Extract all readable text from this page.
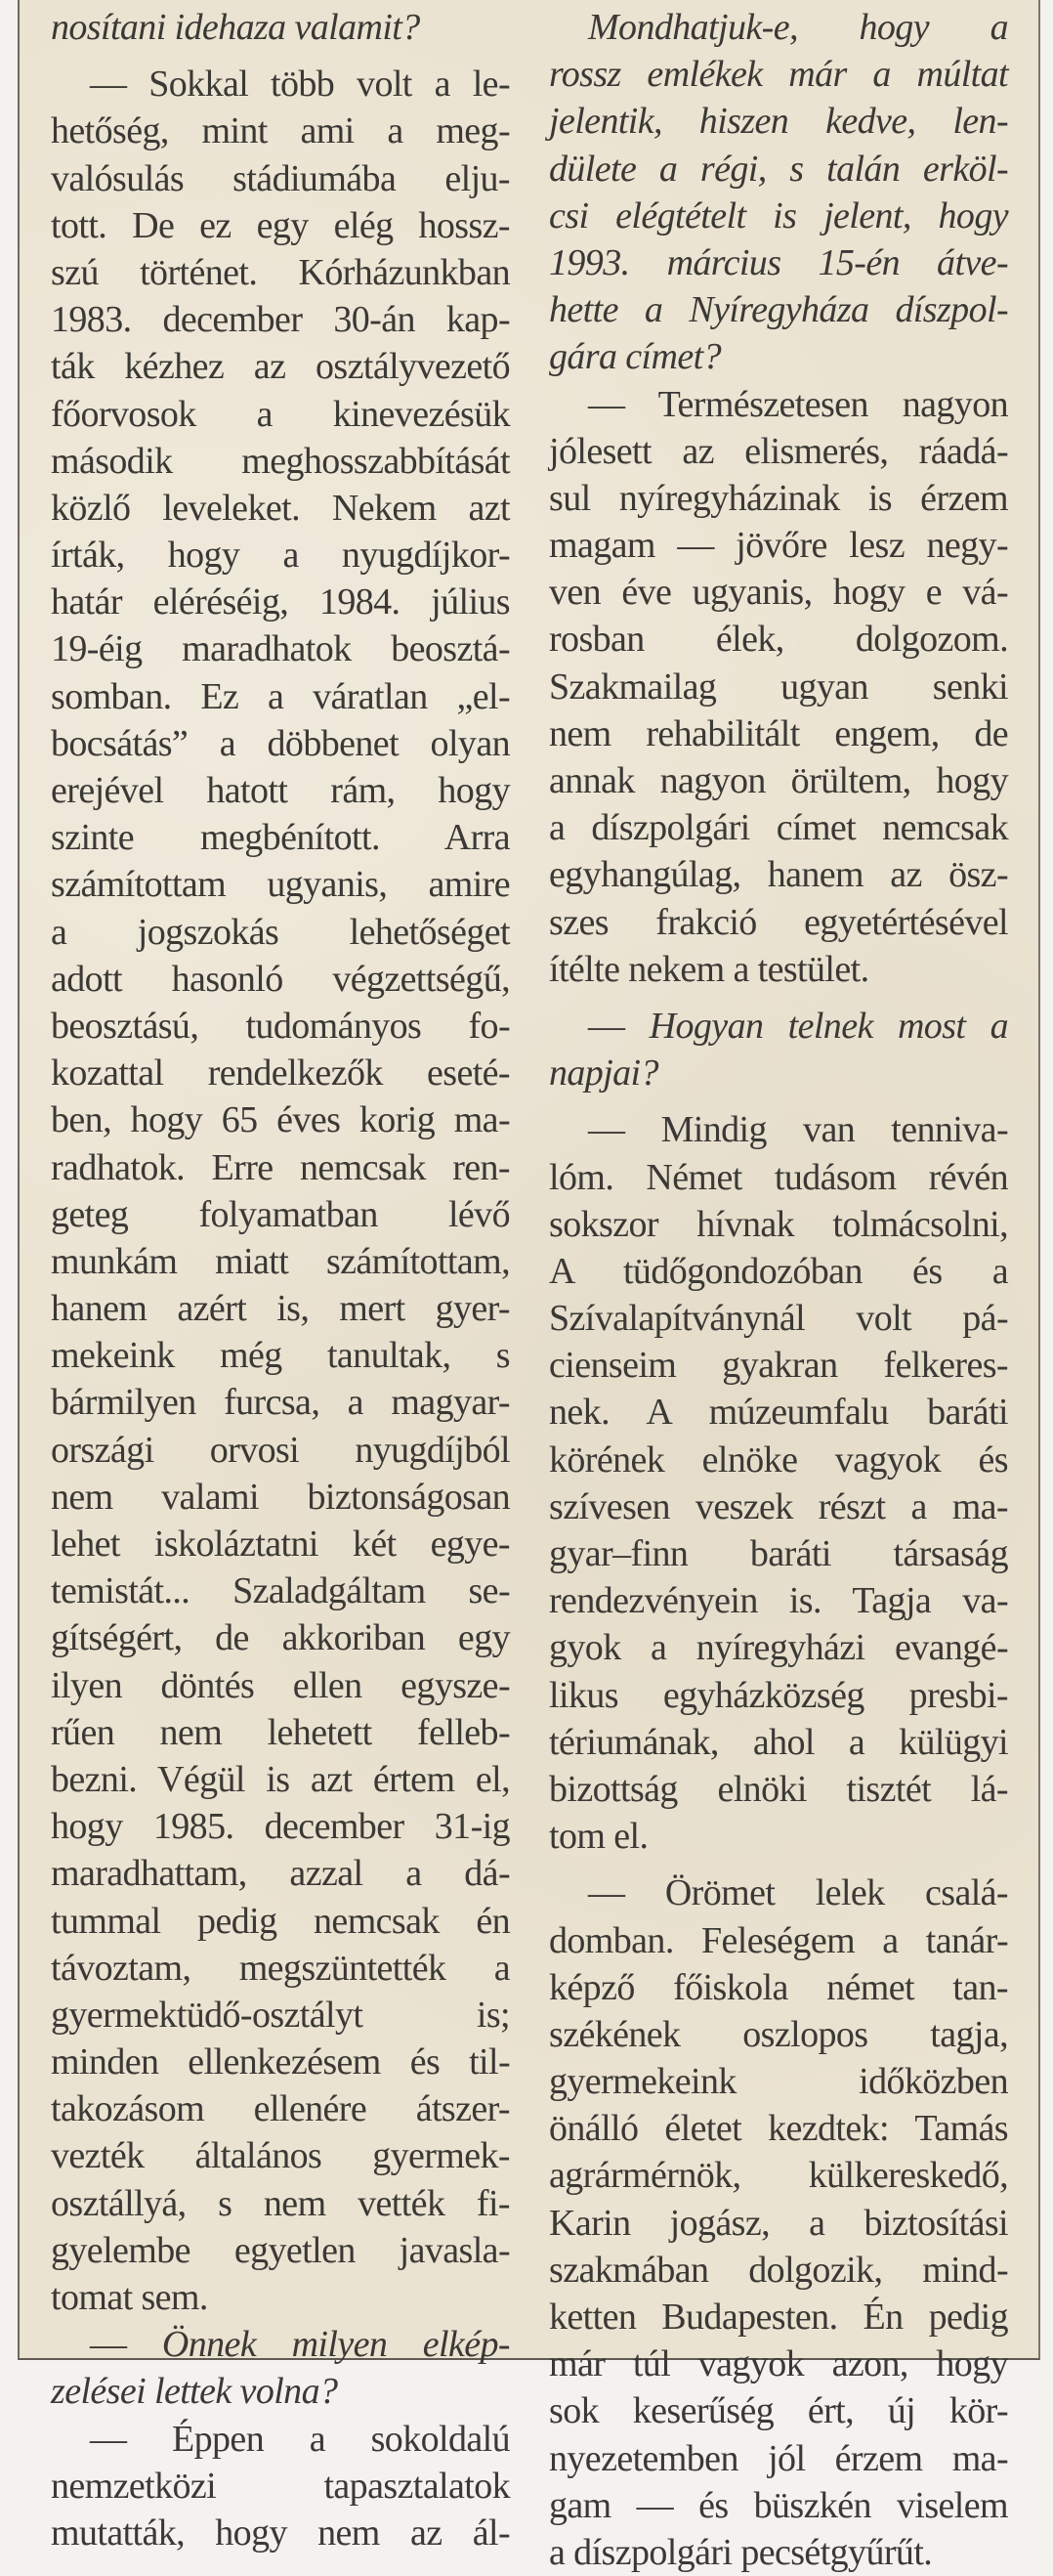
nosítani idehaza valamit?
— Sokkal több volt a le-
hetőség, mint ami a meg-
valósulás stádiumába elju-
tott. De ez egy elég hossz-
szú történet. Kórházunkban
1983. december 30-án kap-
ták kézhez az osztályvezető
főorvosok a kinevezésük
második meghosszabbítását
közlő leveleket. Nekem azt
írták, hogy a nyugdíjkor-
határ eléréséig, 1984. július
19-éig maradhatok beosztá-
somban. Ez a váratlan „el-
bocsátás” a döbbenet olyan
erejével hatott rám, hogy
szinte megbénított. Arra
számítottam ugyanis, amire
a jogszokás lehetőséget
adott hasonló végzettségű,
beosztású, tudományos fo-
kozattal rendelkezők eseté-
ben, hogy 65 éves korig ma-
radhatok. Erre nemcsak ren-
geteg folyamatban lévő
munkám miatt számítottam,
hanem azért is, mert gyer-
mekeink még tanultak, s
bármilyen furcsa, a magyar-
országi orvosi nyugdíjból
nem valami biztonságosan
lehet iskoláztatni két egye-
temistát... Szaladgáltam se-
gítségért, de akkoriban egy
ilyen döntés ellen egysze-
rűen nem lehetett felleb-
bezni. Végül is azt értem el,
hogy 1985. december 31-ig
maradhattam, azzal a dá-
tummal pedig nemcsak én
távoztam, megszüntették a
gyermektüdő-osztályt is;
minden ellenkezésem és til-
takozásom ellenére átszer-
vezték általános gyermek-
osztállyá, s nem vették fi-
gyelembe egyetlen javasla-
tomat sem.
— Önnek milyen elkép-
zelései lettek volna?
— Éppen a sokoldalú
nemzetközi tapasztalatok
mutatták, hogy nem az ál-
Mondhatjuk-e, hogy a
rossz emlékek már a múltat
jelentik, hiszen kedve, len-
dülete a régi, s talán erköl-
csi elégtételt is jelent, hogy
1993. március 15-én átve-
hette a Nyíregyháza díszpol-
gára címet?
— Természetesen nagyon
jólesett az elismerés, ráadá-
sul nyíregyházinak is érzem
magam — jövőre lesz negy-
ven éve ugyanis, hogy e vá-
rosban élek, dolgozom.
Szakmailag ugyan senki
nem rehabilitált engem, de
annak nagyon örültem, hogy
a díszpolgári címet nemcsak
egyhangúlag, hanem az ösz-
szes frakció egyetértésével
ítélte nekem a testület.
— Hogyan telnek most a
napjai?
— Mindig van tenniva-
lóm. Német tudásom révén
sokszor hívnak tolmácsolni,
A tüdőgondozóban és a
Szívalapítványnál volt pá-
cienseim gyakran felkeres-
nek. A múzeumfalu baráti
körének elnöke vagyok és
szívesen veszek részt a ma-
gyar–finn baráti társaság
rendezvényein is. Tagja va-
gyok a nyíregyházi evangé-
likus egyházközség presbi-
tériumának, ahol a külügyi
bizottság elnöki tisztét lá-
tom el.
— Örömet lelek csalá-
domban. Feleségem a tanár-
képző főiskola német tan-
székének oszlopos tagja,
gyermekeink időközben
önálló életet kezdtek: Tamás
agrármérnök, külkereskedő,
Karin jogász, a biztosítási
szakmában dolgozik, mind-
ketten Budapesten. Én pedig
már túl vagyok azon, hogy
sok keserűség ért, új kör-
nyezetemben jól érzem ma-
gam — és büszkén viselem
a díszpolgári pecsétgyűrűt.
